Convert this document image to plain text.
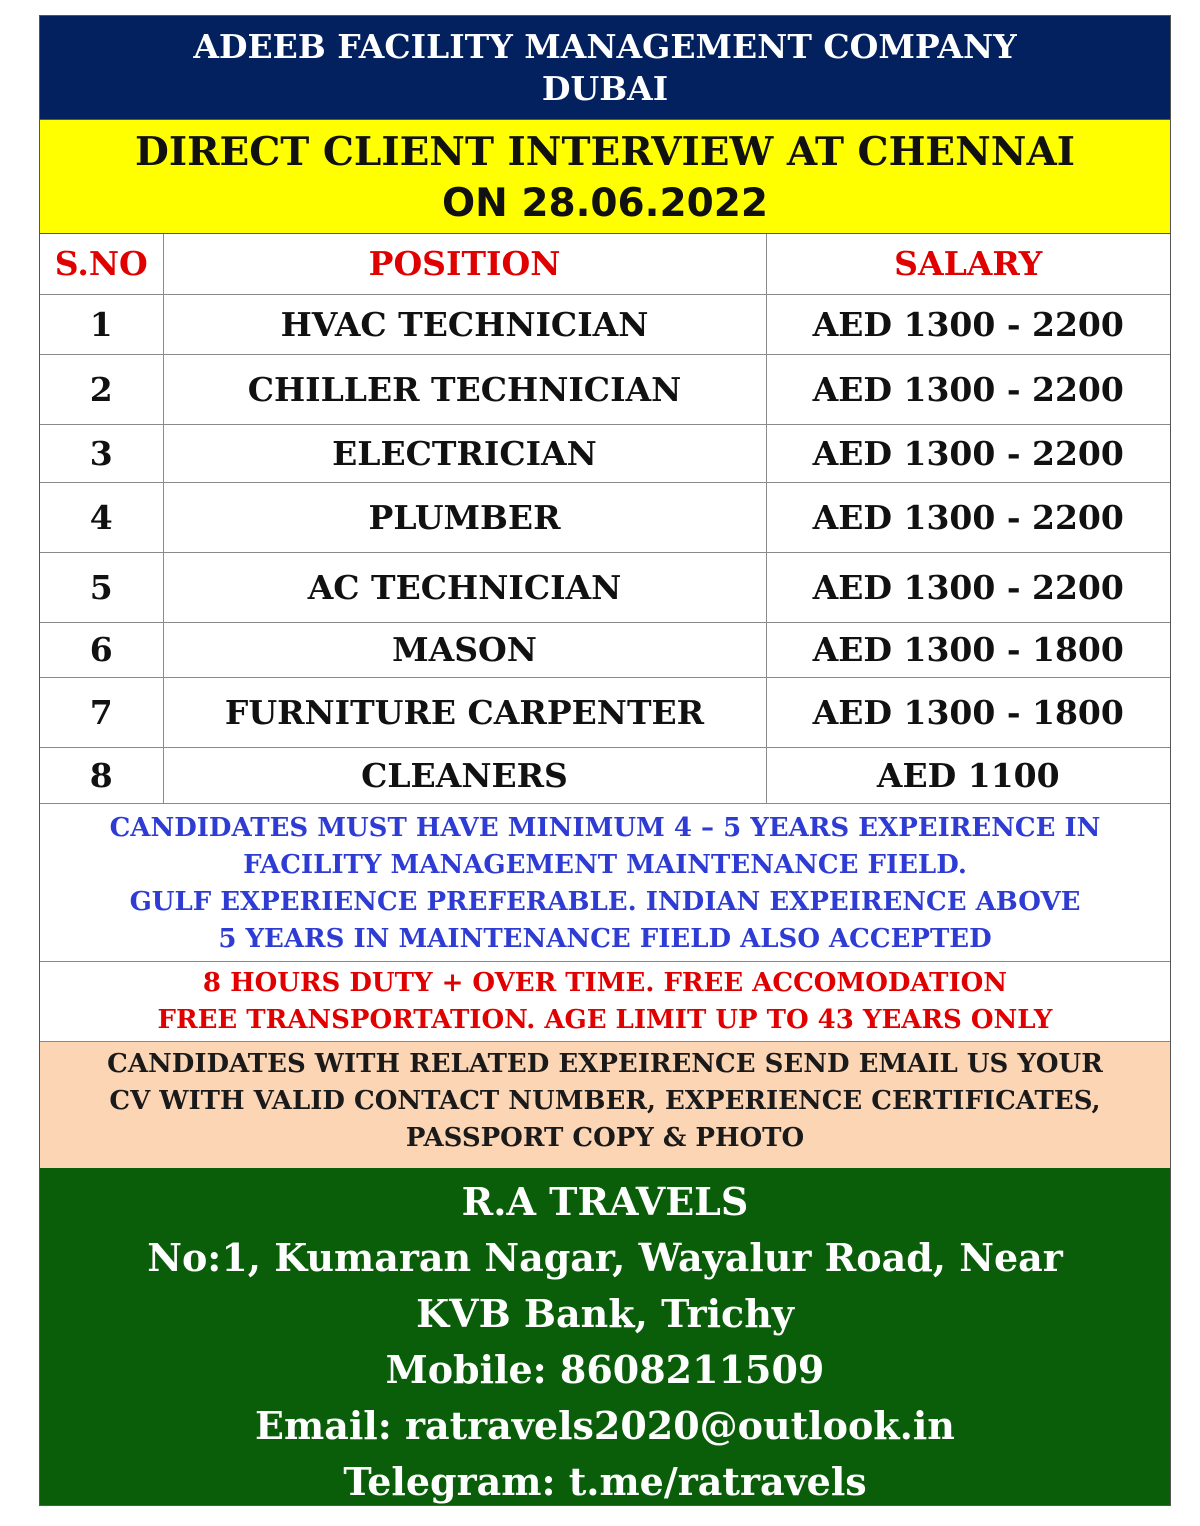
ADEEB FACILITY MANAGEMENT COMPANY
DUBAI
DIRECT CLIENT INTERVIEW AT CHENNAI
ON 28.06.2022
S.NO	POSITION	SALARY
1	HVAC TECHNICIAN	AED 1300 - 2200
2	CHILLER TECHNICIAN	AED 1300 - 2200
3	ELECTRICIAN	AED 1300 - 2200
4	PLUMBER	AED 1300 - 2200
5	AC TECHNICIAN	AED 1300 - 2200
6	MASON	AED 1300 - 1800
7	FURNITURE CARPENTER	AED 1300 - 1800
8	CLEANERS	AED 1100
CANDIDATES MUST HAVE MINIMUM 4 – 5 YEARS EXPEIRENCE IN
FACILITY MANAGEMENT MAINTENANCE FIELD.
GULF EXPERIENCE PREFERABLE. INDIAN EXPEIRENCE ABOVE
5 YEARS IN MAINTENANCE FIELD ALSO ACCEPTED
8 HOURS DUTY + OVER TIME. FREE ACCOMODATION
FREE TRANSPORTATION. AGE LIMIT UP TO 43 YEARS ONLY
CANDIDATES WITH RELATED EXPEIRENCE SEND EMAIL US YOUR
CV WITH VALID CONTACT NUMBER, EXPERIENCE CERTIFICATES,
PASSPORT COPY & PHOTO
R.A TRAVELS
No:1, Kumaran Nagar, Wayalur Road, Near
KVB Bank, Trichy
Mobile: 8608211509
Email: ratravels2020@outlook.in
Telegram: t.me/ratravels
